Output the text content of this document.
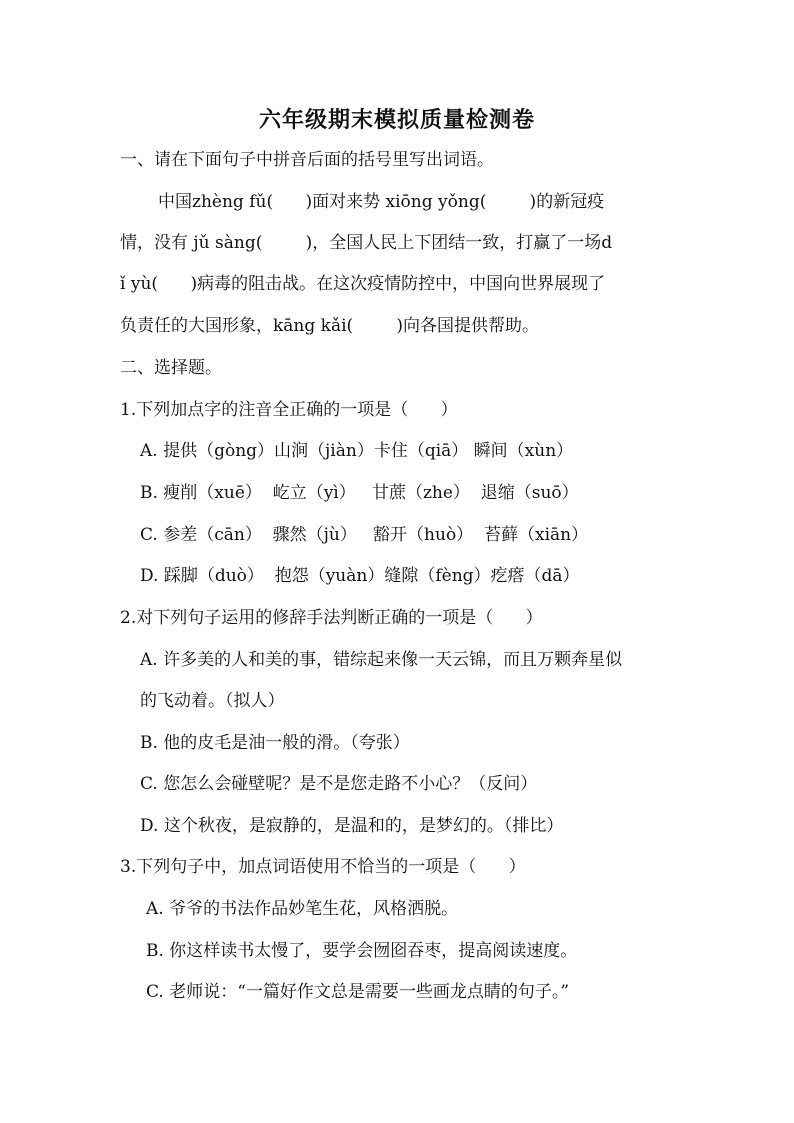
六年级期末模拟质量检测卷
一、请在下面句子中拼音后面的括号里写出词语。
中国zhèng fǔ(      )面对来势 xiōng yǒng(        )的新冠疫
情，没有 jǔ sàng(        )，全国人民上下团结一致，打赢了一场d
ǐ yù(      )病毒的阻击战。在这次疫情防控中，中国向世界展现了
负责任的大国形象，kāng kǎi(        )向各国提供帮助。
二、选择题。
1.下列加点字的注音全正确的一项是（      ）
A. 提供（gòng）山涧（jiàn）卡住（qiā） 瞬间（xùn）
B. 瘦削（xuē）  屹立（yì）   甘蔗（zhe）  退缩（suō）
C. 参差（cān）  骤然（jù）   豁开（huò）  苔藓（xiān）
D. 踩脚（duò）  抱怨（yuàn）缝隙（fèng）疙瘩（dā）
2.对下列句子运用的修辞手法判断正确的一项是（      ）
A. 许多美的人和美的事，错综起来像一天云锦，而且万颗奔星似
的飞动着。（拟人）
B. 他的皮毛是油一般的滑。（夸张）
C. 您怎么会碰壁呢？是不是您走路不小心？（反问）
D. 这个秋夜，是寂静的，是温和的，是梦幻的。（排比）
3.下列句子中，加点词语使用不恰当的一项是（      ）
A. 爷爷的书法作品妙笔生花，风格洒脱。
B. 你这样读书太慢了，要学会囫囵吞枣，提高阅读速度。
C. 老师说：“一篇好作文总是需要一些画龙点睛的句子。”
